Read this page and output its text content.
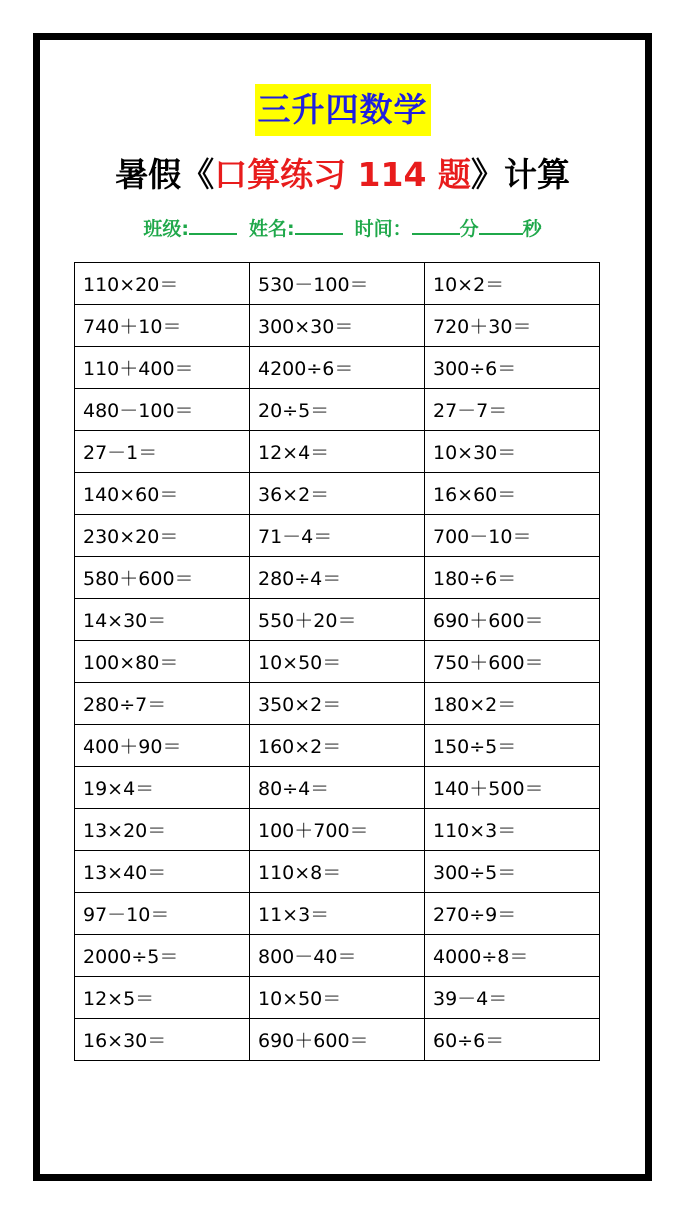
三升四数学
暑假《口算练习 114 题》计算
班级:	姓名:	时间：	分 秒
110×20＝	530－100＝	10×2＝
740＋10＝	300×30＝	720＋30＝
110＋400＝	4200÷6＝	300÷6＝
480－100＝	20÷5＝	27－7＝
27－1＝	12×4＝	10×30＝
140×60＝	36×2＝	16×60＝
230×20＝	71－4＝	700－10＝
580＋600＝	280÷4＝	180÷6＝
14×30＝	550＋20＝	690＋600＝
100×80＝	10×50＝	750＋600＝
280÷7＝	350×2＝	180×2＝
400＋90＝	160×2＝	150÷5＝
19×4＝	80÷4＝	140＋500＝
13×20＝	100＋700＝	110×3＝
13×40＝	110×8＝	300÷5＝
97－10＝	11×3＝	270÷9＝
2000÷5＝	800－40＝	4000÷8＝
12×5＝	10×50＝	39－4＝
16×30＝	690＋600＝	60÷6＝
